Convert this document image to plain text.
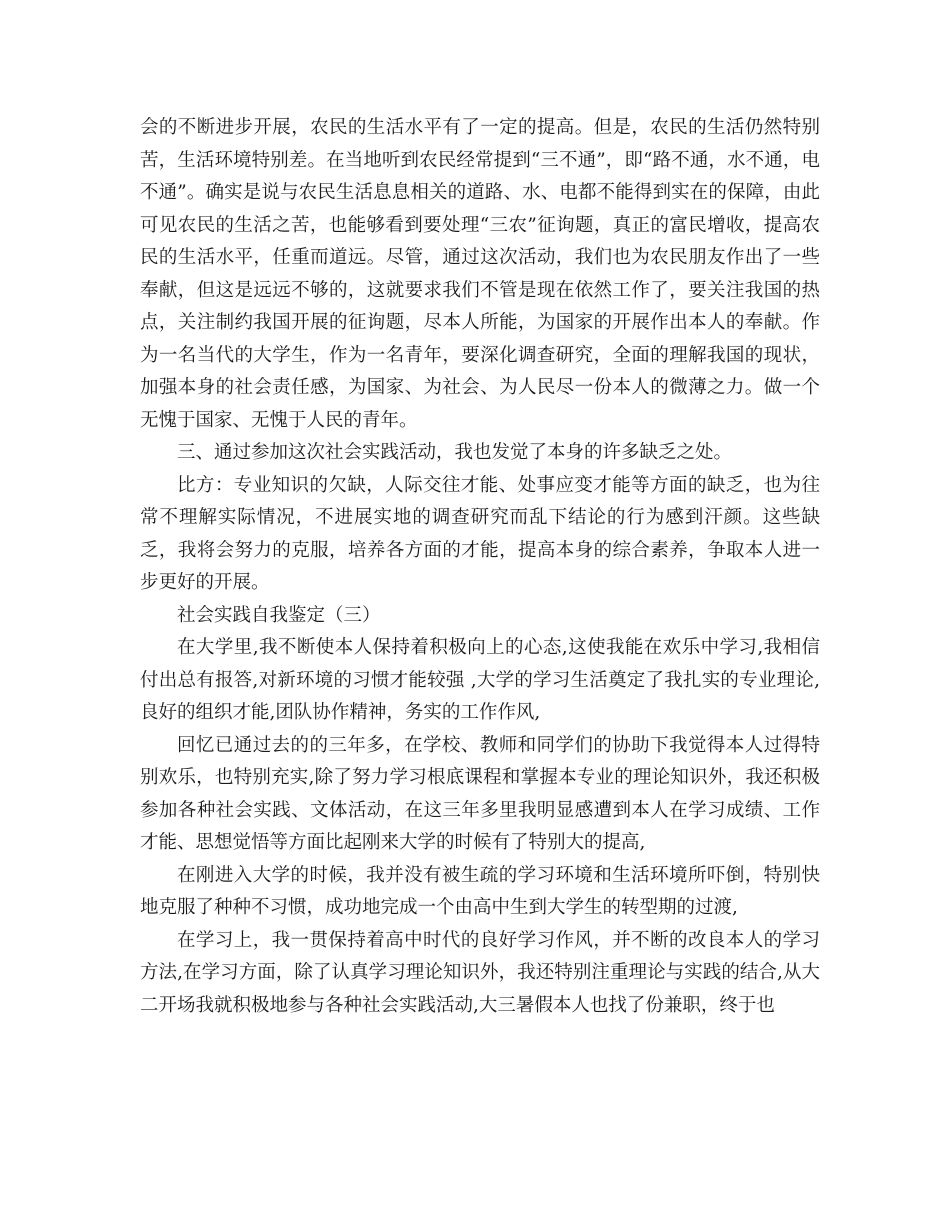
会的不断进步开展，农民的生活水平有了一定的提高。但是，农民的生活仍然特别苦，生活环境特别差。在当地听到农民经常提到“三不通”，即“路不通，水不通，电不通”。确实是说与农民生活息息相关的道路、水、电都不能得到实在的保障，由此可见农民的生活之苦，也能够看到要处理“三农”征询题，真正的富民增收，提高农民的生活水平，任重而道远。尽管，通过这次活动，我们也为农民朋友作出了一些奉献，但这是远远不够的，这就要求我们不管是现在依然工作了，要关注我国的热点，关注制约我国开展的征询题，尽本人所能，为国家的开展作出本人的奉献。作为一名当代的大学生，作为一名青年，要深化调查研究，全面的理解我国的现状，加强本身的社会责任感，为国家、为社会、为人民尽一份本人的微薄之力。做一个无愧于国家、无愧于人民的青年。

三、通过参加这次社会实践活动，我也发觉了本身的许多缺乏之处。

比方：专业知识的欠缺，人际交往才能、处事应变才能等方面的缺乏，也为往常不理解实际情况，不进展实地的调查研究而乱下结论的行为感到汗颜。这些缺乏，我将会努力的克服，培养各方面的才能，提高本身的综合素养，争取本人进一步更好的开展。

社会实践自我鉴定（三）

在大学里,我不断使本人保持着积极向上的心态,这使我能在欢乐中学习,我相信付出总有报答,对新环境的习惯才能较强 ,大学的学习生活奠定了我扎实的专业理论,良好的组织才能,团队协作精神，务实的工作作风,

回忆已通过去的的三年多，在学校、教师和同学们的协助下我觉得本人过得特别欢乐，也特别充实,除了努力学习根底课程和掌握本专业的理论知识外，我还积极参加各种社会实践、文体活动，在这三年多里我明显感遭到本人在学习成绩、工作才能、思想觉悟等方面比起刚来大学的时候有了特别大的提高,

在刚进入大学的时候，我并没有被生疏的学习环境和生活环境所吓倒，特别快地克服了种种不习惯，成功地完成一个由高中生到大学生的转型期的过渡,

在学习上，我一贯保持着高中时代的良好学习作风，并不断的改良本人的学习方法,在学习方面，除了认真学习理论知识外，我还特别注重理论与实践的结合,从大二开场我就积极地参与各种社会实践活动,大三暑假本人也找了份兼职，终于也
